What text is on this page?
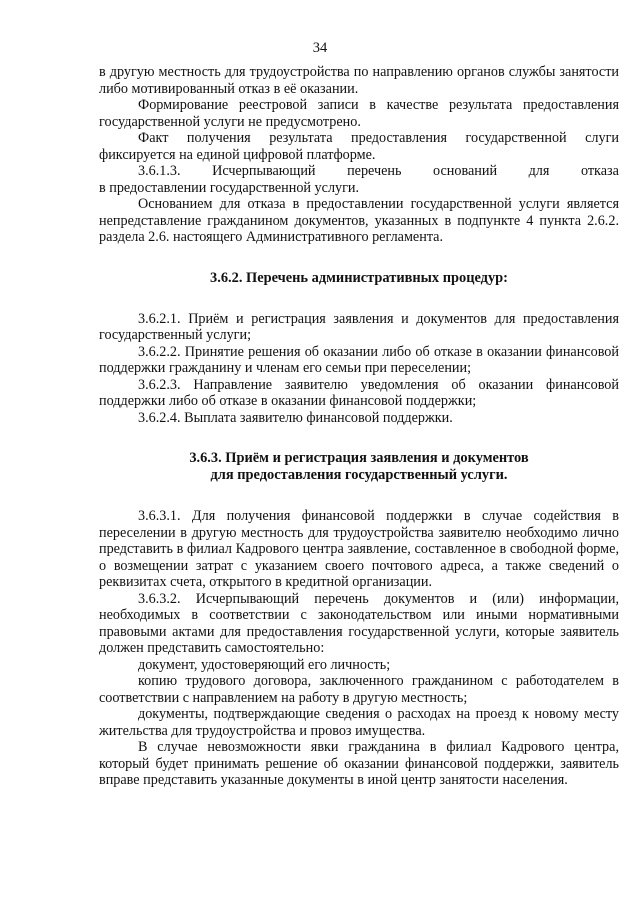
34

в другую местность для трудоустройства по направлению органов службы занятости либо мотивированный отказ в её оказании.

Формирование реестровой записи в качестве результата предоставления государственной услуги не предусмотрено.

Факт получения результата предоставления государственной слуги фиксируется на единой цифровой платформе.

3.6.1.3. Исчерпывающий перечень оснований для отказа

в предоставлении государственной услуги.

Основанием для отказа в предоставлении государственной услуги является непредставление гражданином документов, указанных в подпункте 4 пункта 2.6.2. раздела 2.6. настоящего Административного регламента.

3.6.2. Перечень административных процедур:

3.6.2.1. Приём и регистрация заявления и документов для предоставления государственный услуги;

3.6.2.2. Принятие решения об оказании либо об отказе в оказании финансовой поддержки гражданину и членам его семьи при переселении;

3.6.2.3. Направление заявителю уведомления об оказании финансовой поддержки либо об отказе в оказании финансовой поддержки;

3.6.2.4. Выплата заявителю финансовой поддержки.

3.6.3. Приём и регистрация заявления и документов
для предоставления государственный услуги.

3.6.3.1. Для получения финансовой поддержки в случае содействия в переселении в другую местность для трудоустройства заявителю необходимо лично представить в филиал Кадрового центра заявление, составленное в свободной форме, о возмещении затрат с указанием своего почтового адреса, а также сведений о реквизитах счета, открытого в кредитной организации.

3.6.3.2. Исчерпывающий перечень документов и (или) информации, необходимых в соответствии с законодательством или иными нормативными правовыми актами для предоставления государственной услуги, которые заявитель должен представить самостоятельно:

документ, удостоверяющий его личность;

копию трудового договора, заключенного гражданином с работодателем в соответствии с направлением на работу в другую местность;

документы, подтверждающие сведения о расходах на проезд к новому месту жительства для трудоустройства и провоз имущества.

В случае невозможности явки гражданина в филиал Кадрового центра, который будет принимать решение об оказании финансовой поддержки, заявитель вправе представить указанные документы в иной центр занятости населения.
